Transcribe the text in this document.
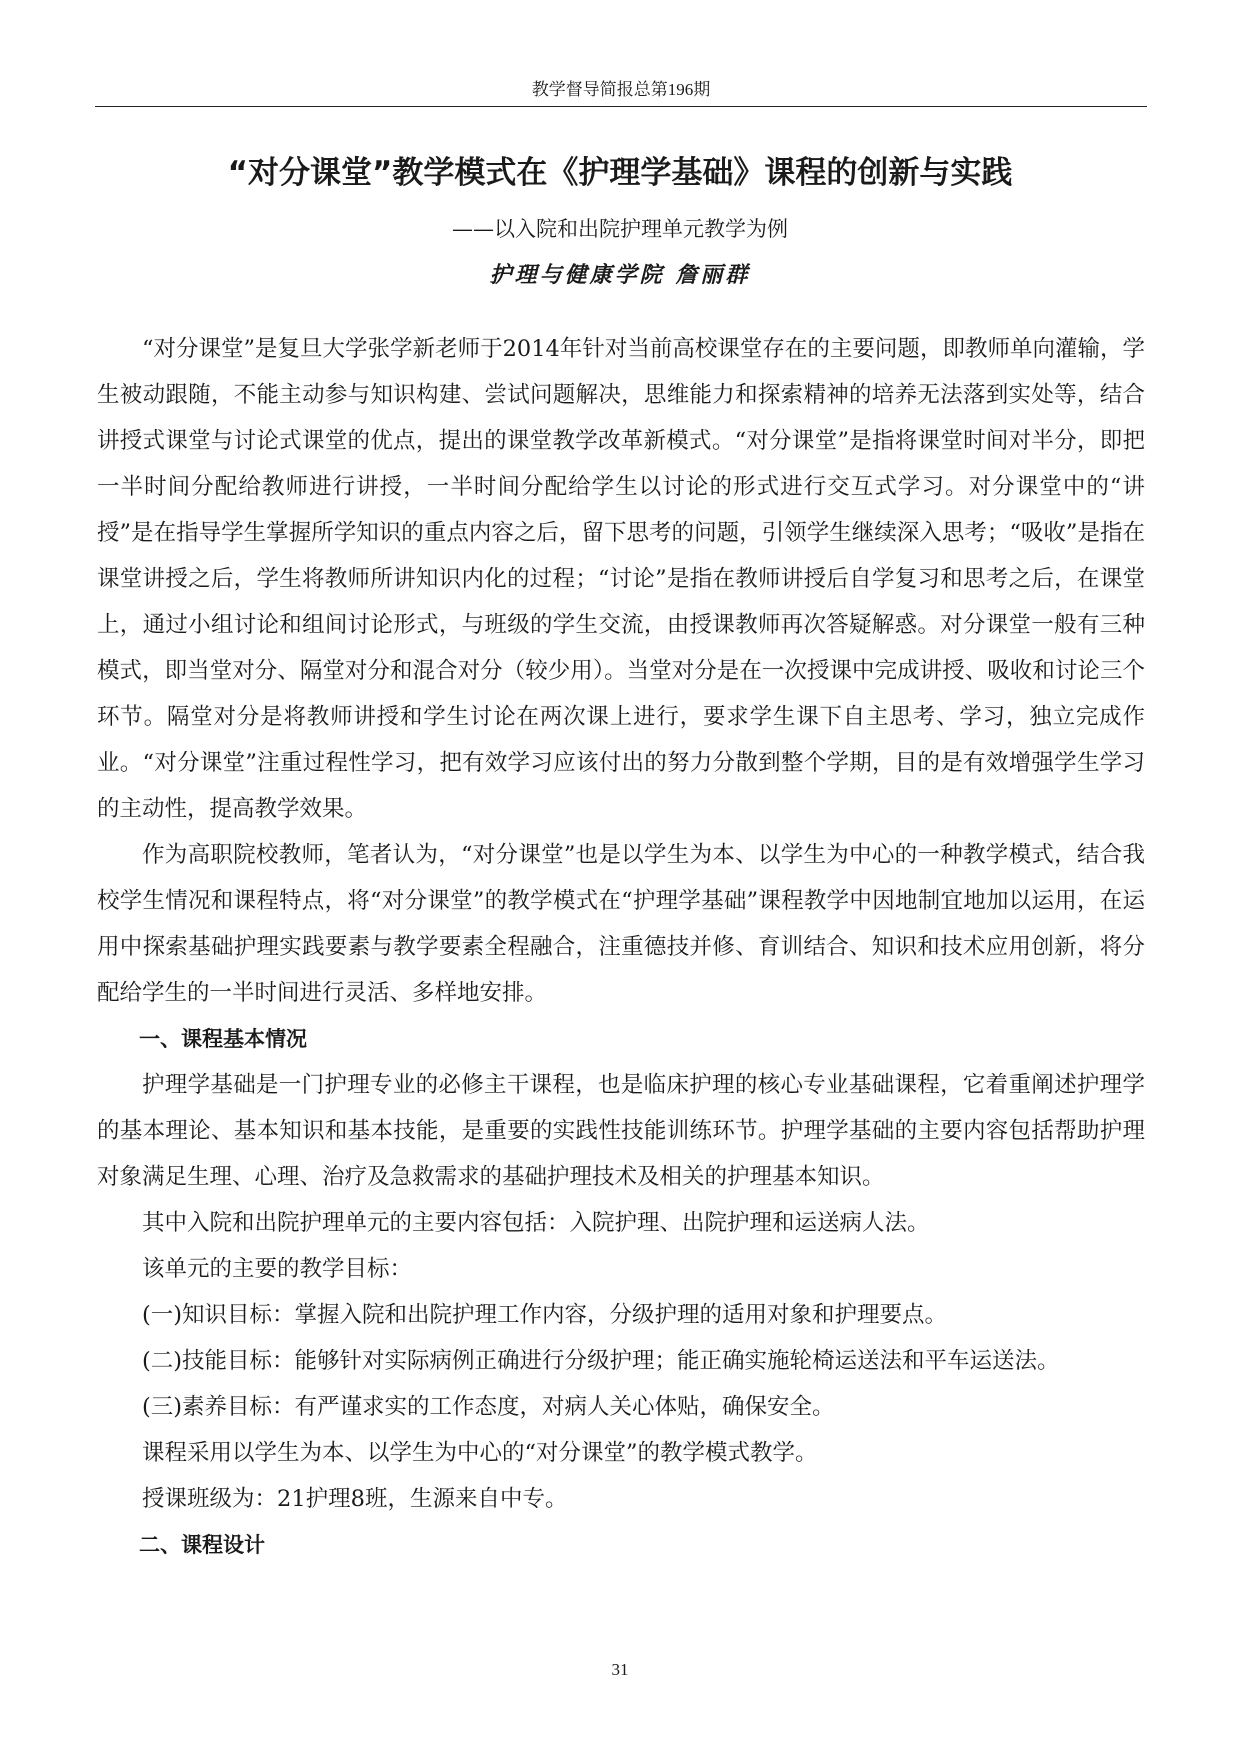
教学督导简报总第196期
“对分课堂”教学模式在《护理学基础》课程的创新与实践
——以入院和出院护理单元教学为例
护理与健康学院 詹丽群

“对分课堂”是复旦大学张学新老师于2014年针对当前高校课堂存在的主要问题，即教师单向灌输，学生被动跟随，不能主动参与知识构建、尝试问题解决，思维能力和探索精神的培养无法落到实处等，结合讲授式课堂与讨论式课堂的优点，提出的课堂教学改革新模式。“对分课堂”是指将课堂时间对半分，即把一半时间分配给教师进行讲授，一半时间分配给学生以讨论的形式进行交互式学习。对分课堂中的“讲授”是在指导学生掌握所学知识的重点内容之后，留下思考的问题，引领学生继续深入思考；“吸收”是指在课堂讲授之后，学生将教师所讲知识内化的过程；“讨论”是指在教师讲授后自学复习和思考之后，在课堂上，通过小组讨论和组间讨论形式，与班级的学生交流，由授课教师再次答疑解惑。对分课堂一般有三种模式，即当堂对分、隔堂对分和混合对分（较少用）。当堂对分是在一次授课中完成讲授、吸收和讨论三个环节。隔堂对分是将教师讲授和学生讨论在两次课上进行，要求学生课下自主思考、学习，独立完成作业。“对分课堂”注重过程性学习，把有效学习应该付出的努力分散到整个学期，目的是有效增强学生学习的主动性，提高教学效果。

作为高职院校教师，笔者认为，“对分课堂”也是以学生为本、以学生为中心的一种教学模式，结合我校学生情况和课程特点，将“对分课堂”的教学模式在“护理学基础”课程教学中因地制宜地加以运用，在运用中探索基础护理实践要素与教学要素全程融合，注重德技并修、育训结合、知识和技术应用创新，将分配给学生的一半时间进行灵活、多样地安排。

一、课程基本情况

护理学基础是一门护理专业的必修主干课程，也是临床护理的核心专业基础课程，它着重阐述护理学的基本理论、基本知识和基本技能，是重要的实践性技能训练环节。护理学基础的主要内容包括帮助护理对象满足生理、心理、治疗及急救需求的基础护理技术及相关的护理基本知识。

其中入院和出院护理单元的主要内容包括：入院护理、出院护理和运送病人法。

该单元的主要的教学目标：

(一)知识目标：掌握入院和出院护理工作内容，分级护理的适用对象和护理要点。

(二)技能目标：能够针对实际病例正确进行分级护理；能正确实施轮椅运送法和平车运送法。

(三)素养目标：有严谨求实的工作态度，对病人关心体贴，确保安全。

课程采用以学生为本、以学生为中心的“对分课堂”的教学模式教学。

授课班级为：21护理8班，生源来自中专。

二、课程设计

31
